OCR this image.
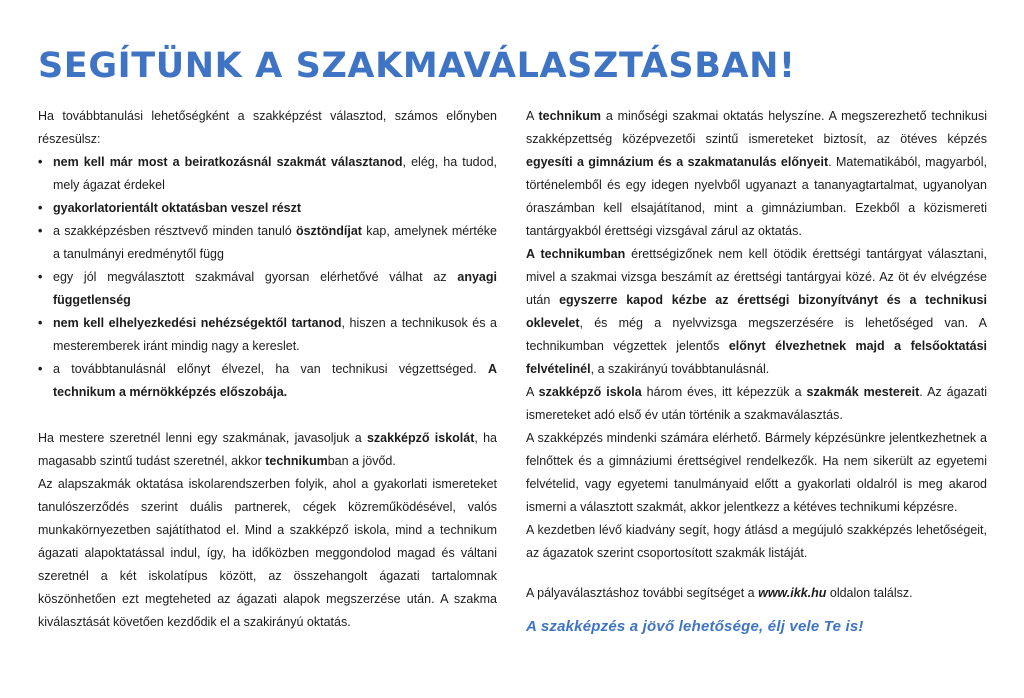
SEGÍTÜNK A SZAKMAVÁLASZTÁSBAN!

Ha továbbtanulási lehetőségként a szakképzést választod, számos előnyben részesülsz:

• nem kell már most a beiratkozásnál szakmát választanod, elég, ha tudod, mely ágazat érdekel
• gyakorlatorientált oktatásban veszel részt
• a szakképzésben résztvevő minden tanuló ösztöndíjat kap, amelynek mértéke a tanulmányi eredménytől függ
• egy jól megválasztott szakmával gyorsan elérhetővé válhat az anyagi függetlenség
• nem kell elhelyezkedési nehézségektől tartanod, hiszen a technikusok és a mesteremberek iránt mindig nagy a kereslet.
• a továbbtanulásnál előnyt élvezel, ha van technikusi végzettséged. A technikum a mérnökképzés előszobája.

Ha mestere szeretnél lenni egy szakmának, javasoljuk a szakképző iskolát, ha magasabb szintű tudást szeretnél, akkor technikumban a jövőd.

Az alapszakmák oktatása iskolarendszerben folyik, ahol a gyakorlati ismereteket tanulószerződés szerint duális partnerek, cégek közreműködésével, valós munkakörnyezetben sajátíthatod el. Mind a szakképző iskola, mind a technikum ágazati alapoktatással indul, így, ha időközben meggondolod magad és váltani szeretnél a két iskolatípus között, az összehangolt ágazati tartalomnak köszönhetően ezt megteheted az ágazati alapok megszerzése után. A szakma kiválasztását követően kezdődik el a szakirányú oktatás.

A technikum a minőségi szakmai oktatás helyszíne. A megszerezhető technikusi szakképzettség középvezetői szintű ismereteket biztosít, az ötéves képzés egyesíti a gimnázium és a szakmatanulás előnyeit. Matematikából, magyarból, történelemből és egy idegen nyelvből ugyanazt a tananyagtartalmat, ugyanolyan óraszámban kell elsajátítanod, mint a gimnáziumban. Ezekből a közismereti tantárgyakból érettségi vizsgával zárul az oktatás.

A technikumban érettségizőnek nem kell ötödik érettségi tantárgyat választani, mivel a szakmai vizsga beszámít az érettségi tantárgyai közé. Az öt év elvégzése után egyszerre kapod kézbe az érettségi bizonyítványt és a technikusi oklevelet, és még a nyelvvizsga megszerzésére is lehetőséged van. A technikumban végzettek jelentős előnyt élvezhetnek majd a felsőoktatási felvételinél, a szakirányú továbbtanulásnál.

A szakképző iskola három éves, itt képezzük a szakmák mestereit. Az ágazati ismereteket adó első év után történik a szakmaválasztás.

A szakképzés mindenki számára elérhető. Bármely képzésünkre jelentkezhetnek a felnőttek és a gimnáziumi érettségivel rendelkezők. Ha nem sikerült az egyetemi felvételid, vagy egyetemi tanulmányaid előtt a gyakorlati oldalról is meg akarod ismerni a választott szakmát, akkor jelentkezz a kétéves technikumi képzésre.

A kezdetben lévő kiadvány segít, hogy átlásd a megújuló szakképzés lehetőségeit, az ágazatok szerint csoportosított szakmák listáját.

A pályaválasztáshoz további segítséget a www.ikk.hu oldalon találsz.

A szakképzés a jövő lehetősége, élj vele Te is!
